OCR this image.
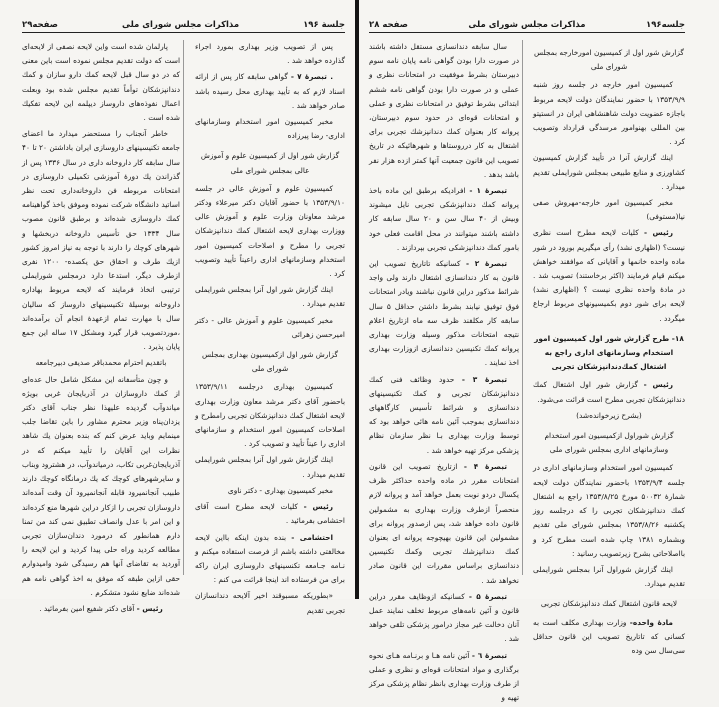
جلسة ۱۹۶
مذاکرات مجلس شورای ملی
صفحه۲۹

پس از تصویب وزیر بهداری بمورد اجراء گذارده خواهد شد .

. تبصرهٔ ۷ - گواهی سابقه کار پس از ارائه اسناد لازم که به تأیید بهداری محل رسیده باشد صادر خواهد شد .

مخبر کمیسیون امور استخدام وسازمانهای اداری- رضا پیرزاده

گزارش شور اول از کمیسیون علوم و آموزش عالی بمجلس شورای ملی

کمیسیون علوم و آموزش عالی در جلسه ۱۳۵۳/۹/۱۰ با حضور آقایان دکتر میرعلاء ودکتر مرشد معاونان وزارت علوم و آموزش عالی ووزارت بهداری لایحه اشتغال کمك دندانپزشکان تجربی را مطرح و اصلاحات کمیسیون امور استخدام وسازمانهای اداری راعیناً تأیید وتصویب کرد .

اینك گزارش شور اول آنرا بمجلس شورایملی تقدیم میدارد .

مخبر کمیسیون علوم و آموزش عالی - دکتر امیرحسن زهرائی

گزارش شور اول ازکمیسیون بهداری بمجلس شورای ملی

کمیسیون بهداری درجلسه ۱۳۵۳/۹/۱۱ باحضور آقای دکتر مرشد معاون وزارت بهداری لایحه اشتغال کمك دندانپزشکان تجربی رامطرح و اصلاحات کمیسیون امور استخدام و سازمانهای اداری را عیناً تأیید و تصویب کرد .

اینك گزارش شور اول آنرا بمجلس شورایملی تقدیم میدارد .

مخبر کمیسیون بهداری - دکتر ناوی

رئیس - کلیات لایحه مطرح است آقای احتشامی بفرمائید .

احتشامی - بنده بدون اینکه بااین لایحه مخالفتی داشته باشم از فرصت استفاده میکنم و نـامه جـامعه تکنسینهای داروسازی ایران راکه برای من فرستاده اند اینجا قرائت می کنم :

«بطوریکه مسبوقند اخیر آلایحه دندانسازان تجربی تقدیم

پارلمان شده است واین لایحه نصفی از لایحه‌ای است که دولت تقدیم مجلس نموده است باین معنی که در دو سال قبل لایحه کمك دارو سازان و کمك دندانپزشکان توأماً تقدیم مجلس شده بود وبعلت اعمال نفوذه‌های داروساز دیپلمه این لایحه تفکیك شده است .

خاطر آنجناب را مستحضر میدارد ما اعضای جامعه تکنیسینهای داروسازی ایران باداشتن ۲۰ تا ۴۰ سال سابقه کار داروخانه داری در سال ۱۳۳۶ پس از گذراندن یك دورهٔ آموزشی تکمیلی داروسازی در امتحانات مربوطه فن داروخانه‌داری تحت نظر اساتید دانشگاه شرکت نموده وموفق باخذ گواهینامه کمك داروسازی شده‌اند و برطبق قانون مصوب سال ۱۳۳۴ حق تأسیس داروخانه دربخشها و شهرهای کوچك را دارند با توجه به نیاز امروز کشور ازیك طرف و احقاق حق یکصده- ۱۲۰۰ نفری ازطرف دیگر، استدعا دارد درمجلس شورایملی ترتیبی اتخاذ فرمایند که لایحه مربوط بهاداره داروخانه بوسیلهٔ تکنیسینهای داروساز که سالیان سال با مهارت تمام ازعهدهٔ انجام آن برآمده‌اند ،موردتصویب قرار گیرد ومشکل ۱۷ ساله این جمع پایان پذیرد .

باتقدیم احترام محمدباقر صدیقی دبیرجامعه

و چون متأسفانه این مشکل شامل حال عده‌ای از کمك داروسازان در آذربایجان غربی بویژه میاندوآب گردیده علیهذا نظر جناب آقای دکتر یزدان‌پناه وزیر محترم مشاور را باین تقاضا جلب مینمایم وباید عرض کنم که بنده بعنوان یك شاهد نظرات این آقایان را تأیید میکنم که در آذربایجان‌غربی تکاب، درمیاندوآب، در هشترود وبناب و سایرشهرهای کوچك که یك درمانگاه کوچك دارند طبیب آنجانمیرود قابله آنجانمیرود آن وقت آمده‌اند داروسازان تجربی را ازکار دراین شهرها منع کرده‌اند و این امر با عدل وانصاف تطبیق نمی کند من تمنا دارم همانطور که درمورد دندان‌سازان تجربی مطالعه کردید وراه حلی پیدا کردید و این لایحه را آوردید به تقاضای آنها هم رسیدگی شود وامیدوارم حقی ازاین طبقه که موفق به اخذ گواهی نامه هم شده‌اند ضایع نشود متشکرم .

رئیس - آقای دکتر شفیع امین بفرمائید .

جلسه۱۹۶
مذاکرات مجلس شورای ملی
صفحه ۲۸

گزارش شور اول از کمیسیون امورخارجه بمجلس شورای ملی

کمیسیون امور خارجه در جلسه روز شنبه ۱۳۵۳/۹/۹ با حضور نمایندگان دولت لایحه مربوط باجازه عضویت دولت شاهنشاهی ایران در انستیتو بین المللی بهنوامور مرسدگی قرارداد وتصویب کرد .

اینك گزارش آنرا در تأیید گزارش کمیسیون کشاورزی و منابع طبیعی بمجلس شورایملی تقدیم میدارد .

مخبر کمیسیون امور خارجه-مهروش صفی نیا(مستوفی)

رئیس - کلیات لایحه مطرح است نظری نیست؟ (اظهاری نشد) رأی میگیریم بورود در شور ماده واحده خانمها و آقایانی که موافقند خواهش میکنم قیام فرمایند (اکثر برخاستند) تصویب شد . در مادهٔ واحده نظری نیست ؟ (اظهاری نشد) لایحه برای شور دوم بکمیسیونهای مربوط ارجاع میگردد .

۱۸- طرح گزارش شور اول کمیسیون امور استخدام وسازمانهای اداری راجع به اشتغال کمك‌دندانپزشکان تجربی

رئیس - گزارش شور اول اشتغال کمك دندانپزشکان تجربی مطرح است قرائت می‌شود.

(بشرح زیرخوانده‌شد)

گزارش شوراول ازکمیسیون امور استخدام وسازمانهای اداری بمجلس شورای ملی

کمیسیون امور استخدام وسازمانهای اداری در جلسه ۱۳۵۳/۹/۴ باحضور نمایندگان دولت لایحه شمارهٔ ۵۰۰۳۲ مورخ ۱۳۵۳/۸/۲۵ راجع به اشتغال کمك دندانپزشکان تجربی را که درجلسه روز یکشنبه ۱۳۵۳/۸/۲۶ بمجلس شورای ملی تقدیم وبشماره ۱۳۸۱ چاپ شده است مطرح کرد و بااصلاحاتی بشرح زیرتصویب رسانید :

اینك گزارش شوراول آنرا بمجلس شورایملی تقدیم میدارد.

لایحه قانون اشتغال کمك دندانپزشکان تجربی

مادهٔ واحده- وزارت بهداری مکلف است به کسانی که تاتاریخ تصویب این قانون حداقل سی‌سال سن وده

سال سابقه دندانسازی مستقل داشته باشند در صورت دارا بودن گواهی نامه پایان نامه سوم دبیرستان بشرط موفقیت در امتحانات نظری و عملی و در صورت دارا بودن گواهی نامه ششم ابتدائی بشرط توفیق در امتحانات نظری و عملی و امتحانات قوه‌ای در حدود سوم دبیرستان، پروانه کار بعنوان کمك دندانپزشك تجربی برای اشتغال به کار درروستاها و شهرهائیکه در تاریخ تصویب این قانون جمعیت آنها کمتر ازده هزار نفر باشد بدهد .

تبصرهٔ ۱ - افرادیکه برطبق این ماده باخذ پروانه کمك دندانپزشکی تجربی نایل میشوند وبیش از ۴۰ سال سن و ۲۰ سال سابقه کار داشته باشند میتوانند در محل اقامت فعلی خود بامور کمك دندانپزشکی تجربی بپردازند .

تبصرهٔ ۲ - کسانیکه تاتاریخ تصویب این قانون به کار دندانسازی اشتغال دارند ولی واجد شرائط مذکور دراین قانون نباشند ویادر امتحانات فوق توفیق نیابند بشرط داشتن حداقل ۵ سال سابقه کار مکلفند ظرف سه ماه ازتاریخ اعلام نتیجه امتحانات مذکور وسیله وزارت بهداری پروانه کمك تکنیسین دندانسازی ازوزارت بهداری اخذ نمایند .

تبصرهٔ ۳ - حدود وظائف فنی کمك دندانپزشکان تجربی و کمك تکنیسینهای دندانسازی و شرائط تأسیس کارگاههای دندانسازی بموجب آئین نامه هائی خواهد بود که توسط وزارت بهداری بـا نظر سازمان نظام پزشکی مرکز تهیه خواهد شد .

تبصرهٔ ۴ - ازتاریخ تصویب این قانون امتحانات مقرر در ماده واحده حداکثر ظرف یکسال دردو نوبت بعمل خواهد آمد و پروانه لازم منحصراً ازطرف وزارت بهداری به مشمولین قانون داده خواهد شد، پس ازصدور پروانه برای مشمولین این قانون بهیچوجه پروانه ای بعنوان کمك دندانپزشك تجربی وکمك تکنیسین دندانسازی براساس مقررات این قانون صادر نخواهد شد .

تبصرهٔ ۵ - کسانیکه ازوظایف مقرر دراین قانون و آئین نامه‌های مربوط تخلف نمایند عمل آنان دخالت غیر مجاز درامور پزشکی تلقی خواهد شد .

تبصرهٔ ٦ - آئین نامه هـا و برنـامه هـای نحوه برگذاری و مواد امتحانات قوه‌ای و نظری و عملی از طرف وزارت بهداری بانظر نظام پزشکی مرکز تهیه و
